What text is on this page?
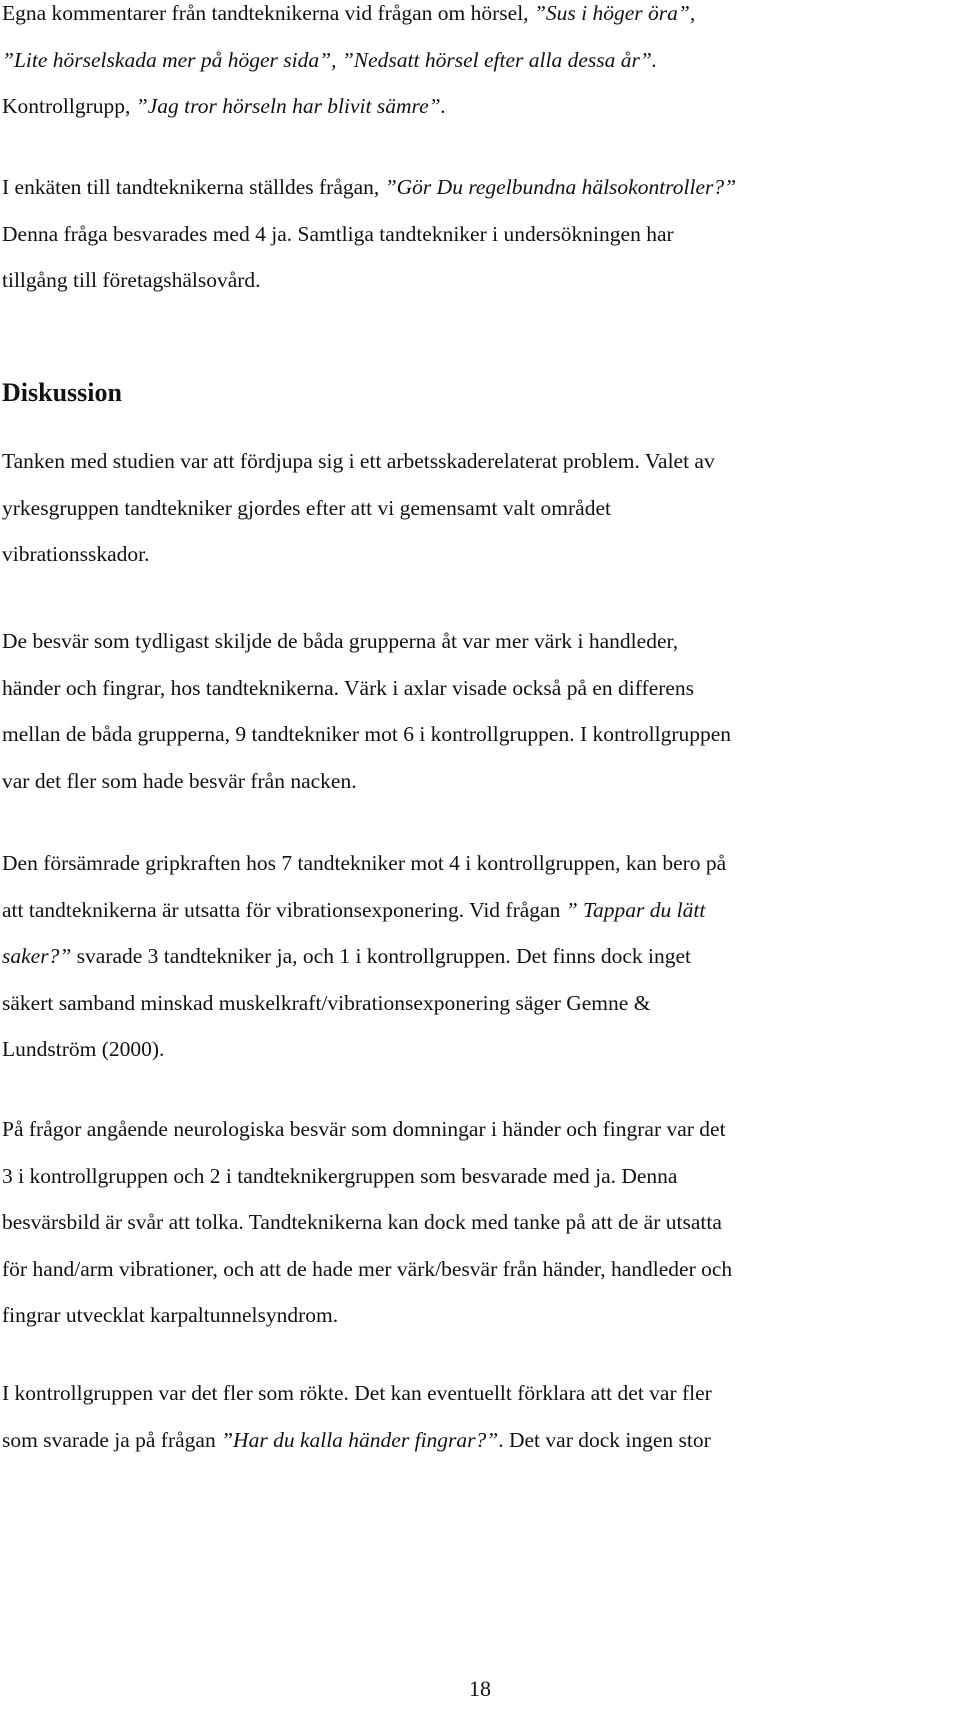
Egna kommentarer från tandteknikerna vid frågan om hörsel, ”Sus i höger öra”,
”Lite hörselskada mer på höger sida”, ”Nedsatt hörsel efter alla dessa år”.
Kontrollgrupp, ”Jag tror hörseln har blivit sämre”.
I enkäten till tandteknikerna ställdes frågan, ”Gör Du regelbundna hälsokontroller?”
Denna fråga besvarades med 4 ja. Samtliga tandtekniker i undersökningen har
tillgång till företagshälsovård.
Diskussion
Tanken med studien var att fördjupa sig i ett arbetsskaderelaterat problem. Valet av
yrkesgruppen tandtekniker gjordes efter att vi gemensamt valt området
vibrationsskador.
De besvär som tydligast skiljde de båda grupperna åt var mer värk i handleder,
händer och fingrar, hos tandteknikerna. Värk i axlar visade också på en differens
mellan de båda grupperna, 9 tandtekniker mot 6 i kontrollgruppen. I kontrollgruppen
var det fler som hade besvär från nacken.
Den försämrade gripkraften hos 7 tandtekniker mot 4 i kontrollgruppen, kan bero på
att tandteknikerna är utsatta för vibrationsexponering. Vid frågan ” Tappar du lätt
saker?” svarade 3 tandtekniker ja, och 1 i kontrollgruppen. Det finns dock inget
säkert samband minskad muskelkraft/vibrationsexponering säger Gemne &
Lundström (2000).
På frågor angående neurologiska besvär som domningar i händer och fingrar var det
3 i kontrollgruppen och 2 i tandteknikergruppen som besvarade med ja. Denna
besvärsbild är svår att tolka. Tandteknikerna kan dock med tanke på att de är utsatta
för hand/arm vibrationer, och att de hade mer värk/besvär från händer, handleder och
fingrar utvecklat karpaltunnelsyndrom.
I kontrollgruppen var det fler som rökte. Det kan eventuellt förklara att det var fler
som svarade ja på frågan ”Har du kalla händer fingrar?”. Det var dock ingen stor
18
